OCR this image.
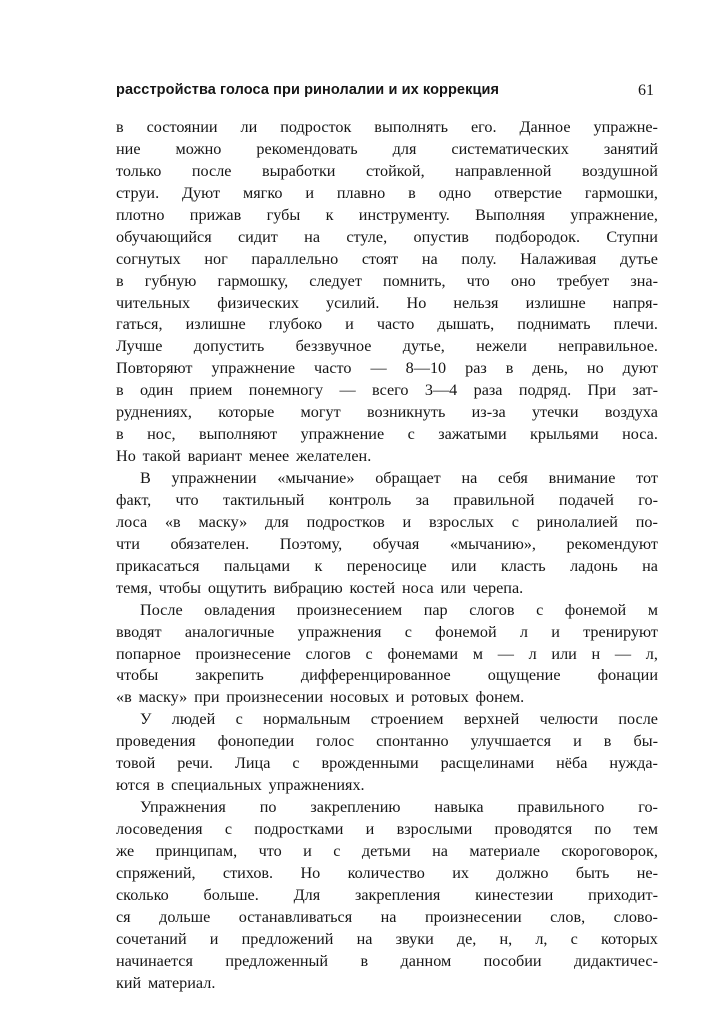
расстройства голоса при ринолалии и их коррекция	61
в состоянии ли подросток выполнять его. Данное упражне-
ние можно рекомендовать для систематических занятий
только после выработки стойкой, направленной воздушной
струи. Дуют мягко и плавно в одно отверстие гармошки,
плотно прижав губы к инструменту. Выполняя упражнение,
обучающийся сидит на стуле, опустив подбородок. Ступни
согнутых ног параллельно стоят на полу. Налаживая дутье
в губную гармошку, следует помнить, что оно требует зна-
чительных физических усилий. Но нельзя излишне напря-
гаться, излишне глубоко и часто дышать, поднимать плечи.
Лучше допустить беззвучное дутье, нежели неправильное.
Повторяют упражнение часто — 8—10 раз в день, но дуют
в один прием понемногу — всего 3—4 раза подряд. При зат-
руднениях, которые могут возникнуть из-за утечки воздуха
в нос, выполняют упражнение с зажатыми крыльями носа.
Но такой вариант менее желателен.
В упражнении «мычание» обращает на себя внимание тот
факт, что тактильный контроль за правильной подачей го-
лоса «в маску» для подростков и взрослых с ринолалией по-
чти обязателен. Поэтому, обучая «мычанию», рекомендуют
прикасаться пальцами к переносице или класть ладонь на
темя, чтобы ощутить вибрацию костей носа или черепа.
После овладения произнесением пар слогов с фонемой м
вводят аналогичные упражнения с фонемой л и тренируют
попарное произнесение слогов с фонемами м — л или н — л,
чтобы закрепить дифференцированное ощущение фонации
«в маску» при произнесении носовых и ротовых фонем.
У людей с нормальным строением верхней челюсти после
проведения фонопедии голос спонтанно улучшается и в бы-
товой речи. Лица с врожденными расщелинами нёба нужда-
ются в специальных упражнениях.
Упражнения по закреплению навыка правильного го-
лосоведения с подростками и взрослыми проводятся по тем
же принципам, что и с детьми на материале скороговорок,
спряжений, стихов. Но количество их должно быть не-
сколько больше. Для закрепления кинестезии приходит-
ся дольше останавливаться на произнесении слов, слово-
сочетаний и предложений на звуки де, н, л, с которых
начинается предложенный в данном пособии дидактичес-
кий материал.
